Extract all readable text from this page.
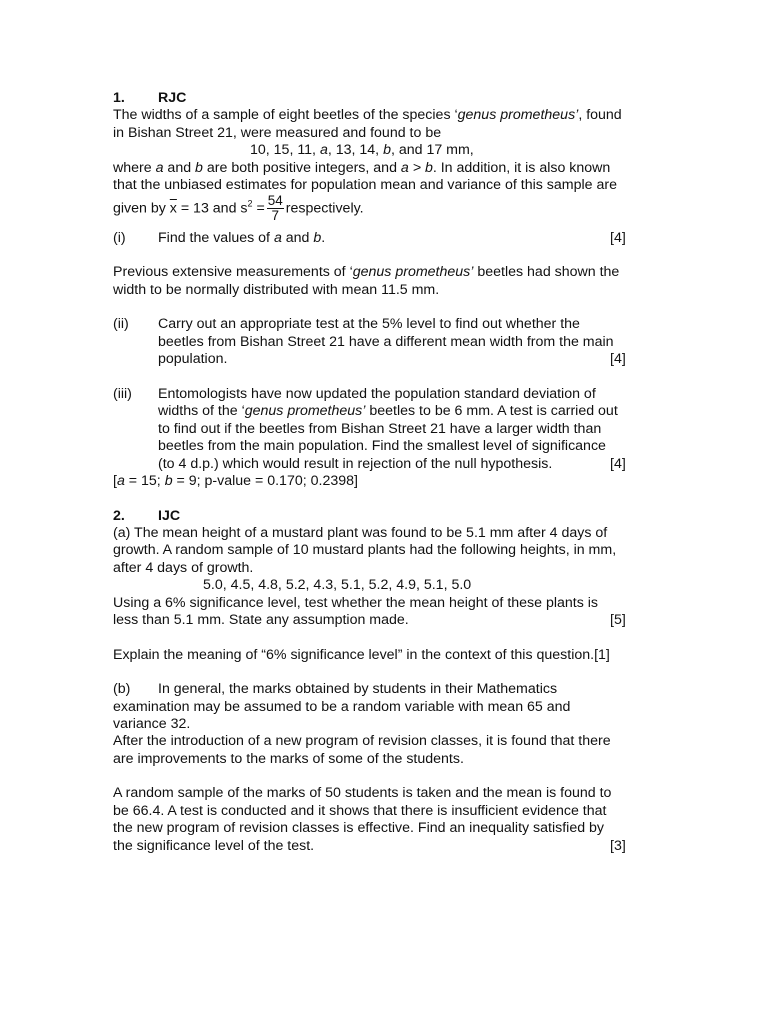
1. RJC
The widths of a sample of eight beetles of the species ‘genus prometheus’, found
in Bishan Street 21, were measured and found to be
10, 15, 11, a, 13, 14, b, and 17 mm,
where a and b are both positive integers, and a > b. In addition, it is also known
that the unbiased estimates for population mean and variance of this sample are
given by $\overline{x} = 13$ and $s^2 = \frac{54}{7}$ respectively.
(i) Find the values of a and b.	[4]
Previous extensive measurements of ‘genus prometheus’ beetles had shown the
width to be normally distributed with mean 11.5 mm.
(ii) Carry out an appropriate test at the 5% level to find out whether the
beetles from Bishan Street 21 have a different mean width from the main
population.	[4]
(iii) Entomologists have now updated the population standard deviation of
widths of the ‘genus prometheus’ beetles to be 6 mm. A test is carried out
to find out if the beetles from Bishan Street 21 have a larger width than
beetles from the main population. Find the smallest level of significance
(to 4 d.p.) which would result in rejection of the null hypothesis.	[4]
[a = 15; b = 9; p-value = 0.170; 0.2398]
2. IJC
(a) The mean height of a mustard plant was found to be 5.1 mm after 4 days of
growth. A random sample of 10 mustard plants had the following heights, in mm,
after 4 days of growth.
5.0, 4.5, 4.8, 5.2, 4.3, 5.1, 5.2, 4.9, 5.1, 5.0
Using a 6% significance level, test whether the mean height of these plants is
less than 5.1 mm. State any assumption made.	[5]
Explain the meaning of “6% significance level” in the context of this question.[1]
(b) In general, the marks obtained by students in their Mathematics
examination may be assumed to be a random variable with mean 65 and
variance 32.
After the introduction of a new program of revision classes, it is found that there
are improvements to the marks of some of the students.
A random sample of the marks of 50 students is taken and the mean is found to
be 66.4. A test is conducted and it shows that there is insufficient evidence that
the new program of revision classes is effective. Find an inequality satisfied by
the significance level of the test.	[3]
